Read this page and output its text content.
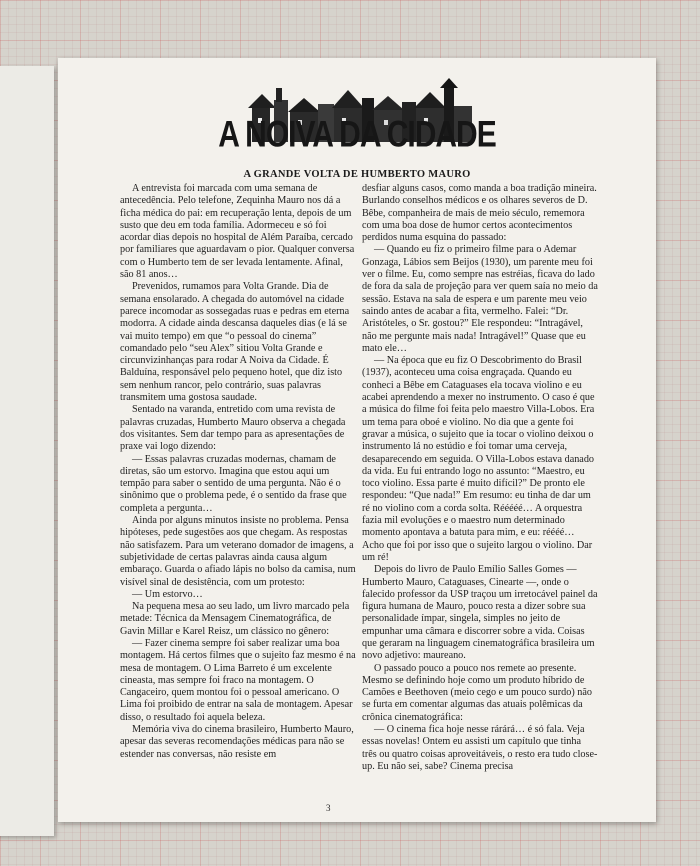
A NOIVA DA CIDADE
A GRANDE VOLTA DE HUMBERTO MAURO

A entrevista foi marcada com uma semana de antecedência. Pelo telefone, Zequinha Mauro nos dá a ficha médica do pai: em recuperação lenta, depois de um susto que deu em toda família. Adormeceu e só foi acordar dias depois no hospital de Além Paraíba, cercado por familiares que aguardavam o pior. Qualquer conversa com o Humberto tem de ser levada lentamente. Afinal, são 81 anos…

Prevenidos, rumamos para Volta Grande. Dia de semana ensolarado. A chegada do automóvel na cidade parece incomodar as sossegadas ruas e pedras em eterna modorra. A cidade ainda descansa daqueles dias (e lá se vai muito tempo) em que “o pessoal do cinema” comandado pelo “seu Alex” sitiou Volta Grande e circunvizinhanças para rodar A Noiva da Cidade. É Balduína, responsável pelo pequeno hotel, que diz isto sem nenhum rancor, pelo contrário, suas palavras transmitem uma gostosa saudade.

Sentado na varanda, entretido com uma revista de palavras cruzadas, Humberto Mauro observa a chegada dos visitantes. Sem dar tempo para as apresentações de praxe vai logo dizendo:

— Essas palavras cruzadas modernas, chamam de diretas, são um estorvo. Imagina que estou aqui um tempão para saber o sentido de uma pergunta. Não é o sinônimo que o problema pede, é o sentido da frase que completa a pergunta…

Ainda por alguns minutos insiste no problema. Pensa hipóteses, pede sugestões aos que chegam. As respostas não satisfazem. Para um veterano domador de imagens, a subjetividade de certas palavras ainda causa algum embaraço. Guarda o afiado lápis no bolso da camisa, num visível sinal de desistência, com um protesto:

— Um estorvo…

Na pequena mesa ao seu lado, um livro marcado pela metade: Técnica da Mensagem Cinematográfica, de Gavin Millar e Karel Reisz, um clássico no gênero:

— Fazer cinema sempre foi saber realizar uma boa montagem. Há certos filmes que o sujeito faz mesmo é na mesa de montagem. O Lima Barreto é um excelente cineasta, mas sempre foi fraco na montagem. O Cangaceiro, quem montou foi o pessoal americano. O Lima foi proibido de entrar na sala de montagem. Apesar disso, o resultado foi aquela beleza.

Memória viva do cinema brasileiro, Humberto Mauro, apesar das severas recomendações médicas para não se estender nas conversas, não resiste em

desfiar alguns casos, como manda a boa tradição mineira. Burlando conselhos médicos e os olhares severos de D. Bêbe, companheira de mais de meio século, rememora com uma boa dose de humor certos acontecimentos perdidos numa esquina do passado:

— Quando eu fiz o primeiro filme para o Ademar Gonzaga, Lábios sem Beijos (1930), um parente meu foi ver o filme. Eu, como sempre nas estréias, ficava do lado de fora da sala de projeção para ver quem saía no meio da sessão. Estava na sala de espera e um parente meu veio saindo antes de acabar a fita, vermelho. Falei: “Dr. Aristóteles, o Sr. gostou?” Ele respondeu: “Intragável, não me pergunte mais nada! Intragável!” Quase que eu mato ele…

— Na época que eu fiz O Descobrimento do Brasil (1937), aconteceu uma coisa engraçada. Quando eu conheci a Bêbe em Cataguases ela tocava violino e eu acabei aprendendo a mexer no instrumento. O caso é que a música do filme foi feita pelo maestro Villa-Lobos. Era um tema para oboé e violino. No dia que a gente foi gravar a música, o sujeito que ia tocar o violino deixou o instrumento lá no estúdio e foi tomar uma cerveja, desaparecendo em seguida. O Villa-Lobos estava danado da vida. Eu fui entrando logo no assunto: “Maestro, eu toco violino. Essa parte é muito difícil?” De pronto ele respondeu: “Que nada!” Em resumo: eu tinha de dar um ré no violino com a corda solta. Rééééé… A orquestra fazia mil evoluções e o maestro num determinado momento apontava a batuta para mim, e eu: réééé… Acho que foi por isso que o sujeito largou o violino. Dar um ré!

Depois do livro de Paulo Emílio Salles Gomes — Humberto Mauro, Cataguases, Cinearte —, onde o falecido professor da USP traçou um irretocável painel da figura humana de Mauro, pouco resta a dizer sobre sua personalidade ímpar, singela, simples no jeito de empunhar uma câmara e discorrer sobre a vida. Coisas que geraram na linguagem cinematográfica brasileira um novo adjetivo: maureano.

O passado pouco a pouco nos remete ao presente. Mesmo se definindo hoje como um produto híbrido de Camões e Beethoven (meio cego e um pouco surdo) não se furta em comentar algumas das atuais polêmicas da crônica cinematográfica:

— O cinema fica hoje nesse rárárá… é só fala. Veja essas novelas! Ontem eu assisti um capítulo que tinha três ou quatro coisas aproveitáveis, o resto era tudo close-up. Eu não sei, sabe? Cinema precisa

3
